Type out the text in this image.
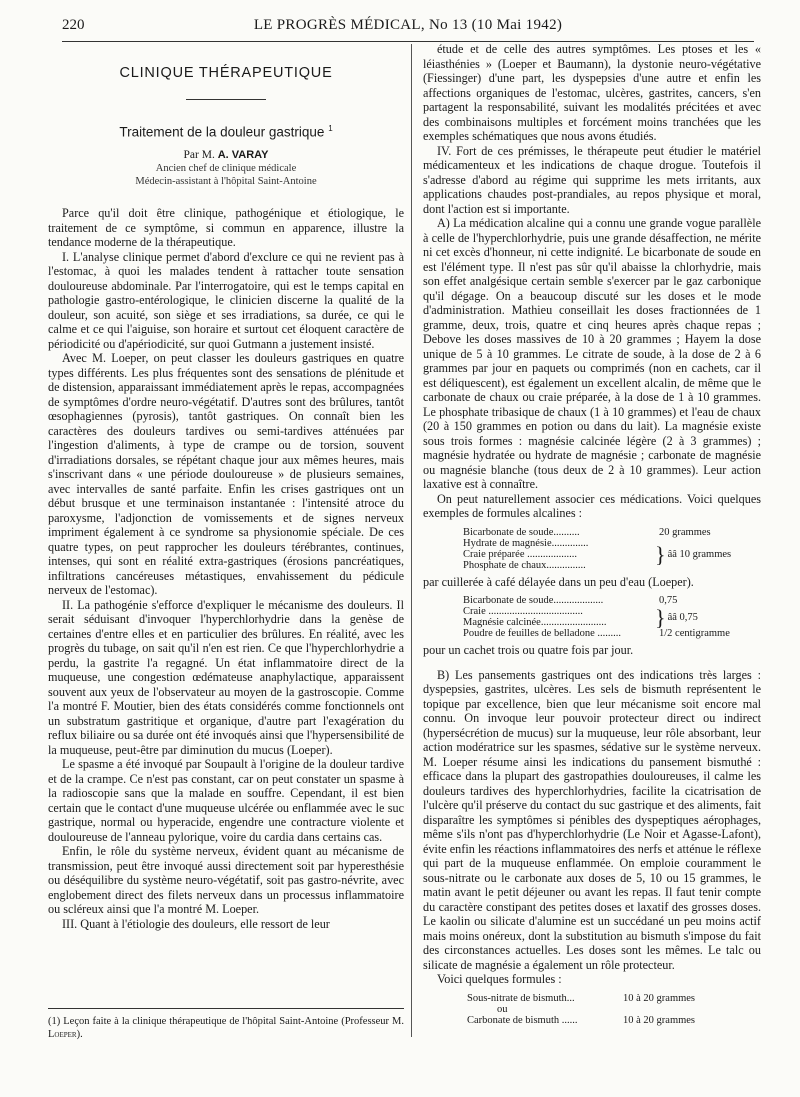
220	LE PROGRÈS MÉDICAL, No 13 (10 Mai 1942)
CLINIQUE THÉRAPEUTIQUE
Traitement de la douleur gastrique $^1$
Par M. A. VARAY
Ancien chef de clinique médicale
Médecin-assistant à l'hôpital Saint-Antoine

Parce qu'il doit être clinique, pathogénique et étiologique, le traitement de ce symptôme, si commun en apparence, illustre la tendance moderne de la thérapeutique.

I. L'analyse clinique permet d'abord d'exclure ce qui ne revient pas à l'estomac, à quoi les malades tendent à rattacher toute sensation douloureuse abdominale. Par l'interrogatoire, qui est le temps capital en pathologie gastro-entérologique, le clinicien discerne la qualité de la douleur, son acuité, son siège et ses irradiations, sa durée, ce qui le calme et ce qui l'aiguise, son horaire et surtout cet éloquent caractère de périodicité ou d'apériodicité, sur quoi Gutmann a justement insisté.

Avec M. Loeper, on peut classer les douleurs gastriques en quatre types différents. Les plus fréquentes sont des sensations de plénitude et de distension, apparaissant immédiatement après le repas, accompagnées de symptômes d'ordre neuro-végétatif. D'autres sont des brûlures, tantôt œsophagiennes (pyrosis), tantôt gastriques. On connaît bien les caractères des douleurs tardives ou semi-tardives atténuées par l'ingestion d'aliments, à type de crampe ou de torsion, souvent d'irradiations dorsales, se répétant chaque jour aux mêmes heures, mais s'inscrivant dans « une période douloureuse » de plusieurs semaines, avec intervalles de santé parfaite. Enfin les crises gastriques ont un début brusque et une terminaison instantanée : l'intensité atroce du paroxysme, l'adjonction de vomissements et de signes nerveux impriment également à ce syndrome sa physionomie spéciale. De ces quatre types, on peut rapprocher les douleurs térébrantes, continues, intenses, qui sont en réalité extra-gastriques (érosions pancréatiques, infiltrations cancéreuses métastiques, envahissement du pédicule nerveux de l'estomac).

II. La pathogénie s'efforce d'expliquer le mécanisme des douleurs. Il serait séduisant d'invoquer l'hyperchlorhydrie dans la genèse de certaines d'entre elles et en particulier des brûlures. En réalité, avec les progrès du tubage, on sait qu'il n'en est rien. Ce que l'hyperchlorhydrie a perdu, la gastrite l'a regagné. Un état inflammatoire direct de la muqueuse, une congestion œdémateuse anaphylactique, apparaissent souvent aux yeux de l'observateur au moyen de la gastroscopie. Comme l'a montré F. Moutier, bien des états considérés comme fonctionnels ont un substratum gastritique et organique, d'autre part l'exagération du reflux biliaire ou sa durée ont été invoqués ainsi que l'hypersensibilité de la muqueuse, peut-être par diminution du mucus (Loeper).

Le spasme a été invoqué par Soupault à l'origine de la douleur tardive et de la crampe. Ce n'est pas constant, car on peut constater un spasme à la radioscopie sans que la malade en souffre. Cependant, il est bien certain que le contact d'une muqueuse ulcérée ou enflammée avec le suc gastrique, normal ou hyperacide, engendre une contracture violente et douloureuse de l'anneau pylorique, voire du cardia dans certains cas.

Enfin, le rôle du système nerveux, évident quant au mécanisme de transmission, peut être invoqué aussi directement soit par hyperesthésie ou déséquilibre du système neuro-végétatif, soit pas gastro-névrite, avec englobement direct des filets nerveux dans un processus inflammatoire ou scléreux ainsi que l'a montré M. Loeper.

III. Quant à l'étiologie des douleurs, elle ressort de leur

(1) Leçon faite à la clinique thérapeutique de l'hôpital Saint-Antoine (Professeur M. Loeper).

étude et de celle des autres symptômes. Les ptoses et les « léiasthénies » (Loeper et Baumann), la dystonie neuro-végétative (Fiessinger) d'une part, les dyspepsies d'une autre et enfin les affections organiques de l'estomac, ulcères, gastrites, cancers, s'en partagent la responsabilité, suivant les modalités précitées et avec des combinaisons multiples et forcément moins tranchées que les exemples schématiques que nous avons étudiés.

IV. Fort de ces prémisses, le thérapeute peut étudier le matériel médicamenteux et les indications de chaque drogue. Toutefois il s'adresse d'abord au régime qui supprime les mets irritants, aux applications chaudes post-prandiales, au repos physique et moral, dont l'action est si importante.

A) La médication alcaline qui a connu une grande vogue parallèle à celle de l'hyperchlorhydrie, puis une grande désaffection, ne mérite ni cet excès d'honneur, ni cette indignité. Le bicarbonate de soude en est l'élément type. Il n'est pas sûr qu'il abaisse la chlorhydrie, mais son effet analgésique certain semble s'exercer par le gaz carbonique qu'il dégage. On a beaucoup discuté sur les doses et le mode d'administration. Mathieu conseillait les doses fractionnées de 1 gramme, deux, trois, quatre et cinq heures après chaque repas ; Debove les doses massives de 10 à 20 grammes ; Hayem la dose unique de 5 à 10 grammes. Le citrate de soude, à la dose de 2 à 6 grammes par jour en paquets ou comprimés (non en cachets, car il est déliquescent), est également un excellent alcalin, de même que le carbonate de chaux ou craie préparée, à la dose de 1 à 10 grammes. Le phosphate tribasique de chaux (1 à 10 grammes) et l'eau de chaux (20 à 150 grammes en potion ou dans du lait). La magnésie existe sous trois formes : magnésie calcinée légère (2 à 3 grammes) ; magnésie hydratée ou hydrate de magnésie ; carbonate de magnésie ou magnésie blanche (tous deux de 2 à 10 grammes). Leur action laxative est à connaître.

On peut naturellement associer ces médications. Voici quelques exemples de formules alcalines :

Bicarbonate de soude..........	20 grammes
Hydrate de magnésie..............
Craie préparée ...................
Phosphate de chaux...............	} ââ 10 grammes

par cuillerée à café délayée dans un peu d'eau (Loeper).

Bicarbonate de soude...................	0,75
Craie ....................................
Magnésie calcinée.........................	} ââ 0,75
Poudre de feuilles de belladone .........	1/2 centigramme

pour un cachet trois ou quatre fois par jour.

B) Les pansements gastriques ont des indications très larges : dyspepsies, gastrites, ulcères. Les sels de bismuth représentent le topique par excellence, bien que leur mécanisme soit encore mal connu. On invoque leur pouvoir protecteur direct ou indirect (hypersécrétion de mucus) sur la muqueuse, leur rôle absorbant, leur action modératrice sur les spasmes, sédative sur le système nerveux. M. Loeper résume ainsi les indications du pansement bismuthé : efficace dans la plupart des gastropathies douloureuses, il calme les douleurs tardives des hyperchlorhydries, facilite la cicatrisation de l'ulcère qu'il préserve du contact du suc gastrique et des aliments, fait disparaître les symptômes si pénibles des dyspeptiques aérophages, même s'ils n'ont pas d'hyperchlorhydrie (Le Noir et Agasse-Lafont), évite enfin les réactions inflammatoires des nerfs et atténue le réflexe qui part de la muqueuse enflammée. On emploie couramment le sous-nitrate ou le carbonate aux doses de 5, 10 ou 15 grammes, le matin avant le petit déjeuner ou avant les repas. Il faut tenir compte du caractère constipant des petites doses et laxatif des grosses doses. Le kaolin ou silicate d'alumine est un succédané un peu moins actif mais moins onéreux, dont la substitution au bismuth s'impose du fait des circonstances actuelles. Les doses sont les mêmes. Le talc ou silicate de magnésie a également un rôle protecteur.

Voici quelques formules :

Sous-nitrate de bismuth...	10 à 20 grammes
ou
Carbonate de bismuth ......	10 à 20 grammes
